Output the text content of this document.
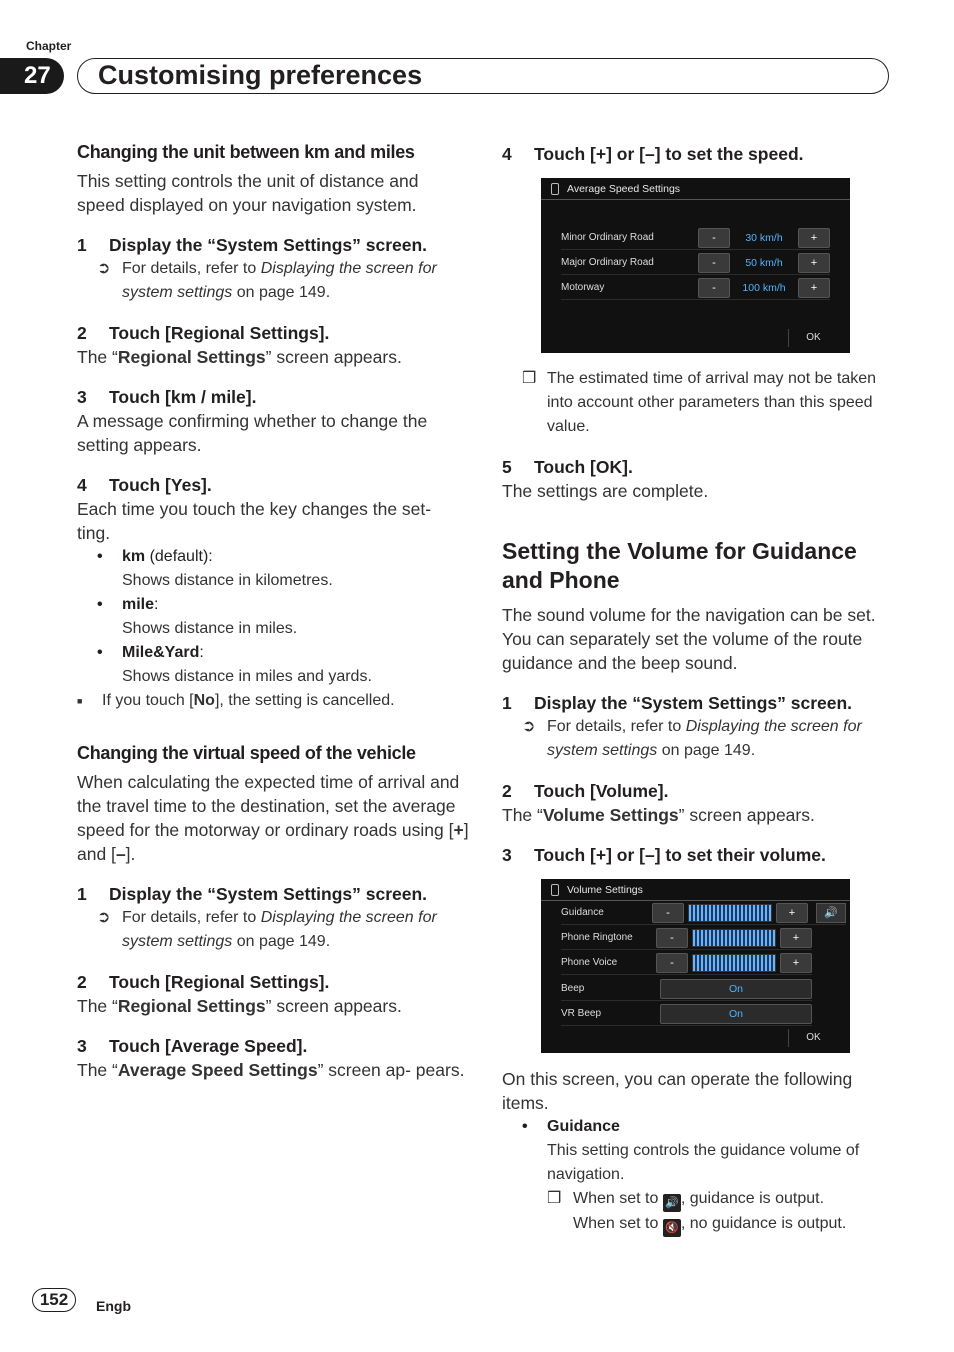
Chapter
27	Customising preferences
Changing the unit between km and miles
This setting controls the unit of distance and speed displayed on your navigation system.
1	Display the “System Settings” screen.
➲ For details, refer to Displaying the screen for system settings on page 149.
2	Touch [Regional Settings].
The “Regional Settings” screen appears.
3	Touch [km / mile].
A message confirming whether to change the setting appears.
4	Touch [Yes].
Each time you touch the key changes the set- ting.
•	km (default):
Shows distance in kilometres.
•	mile:
Shows distance in miles.
•	Mile&Yard:
Shows distance in miles and yards.
■	If you touch [No], the setting is cancelled.
Changing the virtual speed of the vehicle
When calculating the expected time of arrival and the travel time to the destination, set the average speed for the motorway or ordinary roads using [+] and [–].
1	Display the “System Settings” screen.
➲ For details, refer to Displaying the screen for system settings on page 149.
2	Touch [Regional Settings].
The “Regional Settings” screen appears.
3	Touch [Average Speed].
The “Average Speed Settings” screen ap- pears.
4	Touch [+] or [–] to set the speed.
Average Speed Settings
Minor Ordinary Road	-	30 km/h	+
Major Ordinary Road	-	50 km/h	+
Motorway	-	100 km/h	+
OK
❒ The estimated time of arrival may not be taken into account other parameters than this speed value.
5	Touch [OK].
The settings are complete.
Setting the Volume for Guidance and Phone
The sound volume for the navigation can be set. You can separately set the volume of the route guidance and the beep sound.
1	Display the “System Settings” screen.
➲ For details, refer to Displaying the screen for system settings on page 149.
2	Touch [Volume].
The “Volume Settings” screen appears.
3	Touch [+] or [–] to set their volume.
Volume Settings
Guidance	-	+	🔊
Phone Ringtone	-	+
Phone Voice	-	+
Beep	On
VR Beep	On
OK
On this screen, you can operate the following items.
•	Guidance
This setting controls the guidance volume of navigation.
❒ When set to 🔊 , guidance is output.
When set to 🔇 , no guidance is output.
152	Engb
